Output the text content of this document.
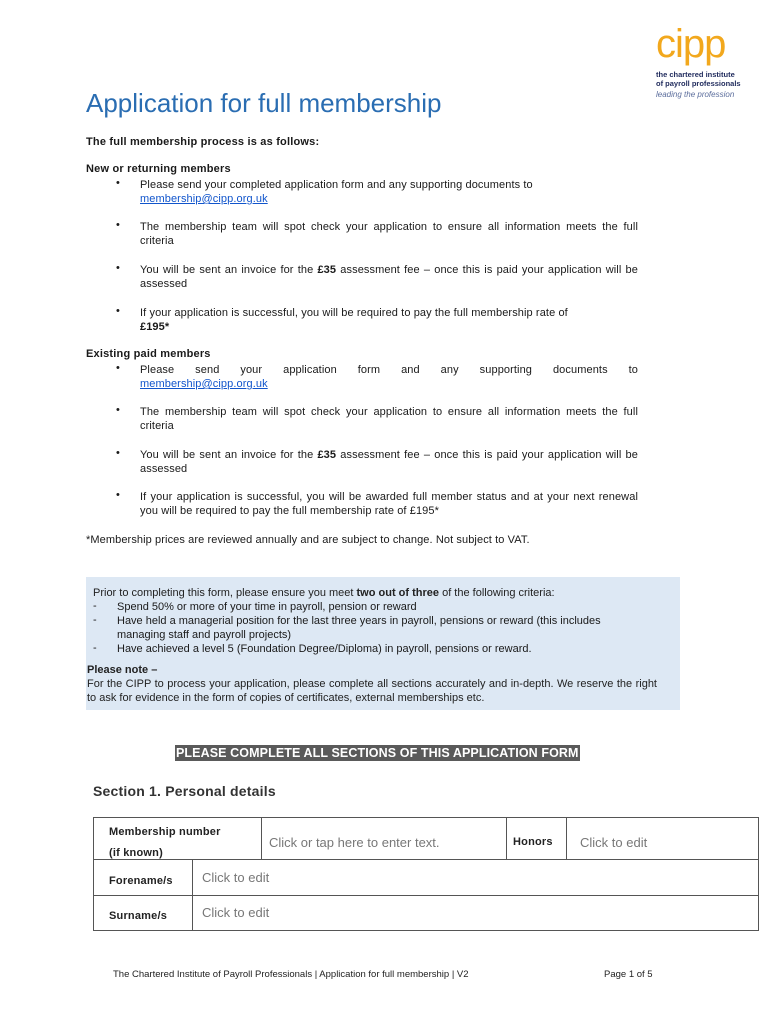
cipp
the chartered institute
of payroll professionals
leading the profession
Application for full membership
The full membership process is as follows:
New or returning members
•	Please send your completed application form and any supporting documents to
membership@cipp.org.uk
•	The membership team will spot check your application to ensure all information meets the full criteria
•	You will be sent an invoice for the £35 assessment fee – once this is paid your application will be assessed
•	If your application is successful, you will be required to pay the full membership rate of
£195*
Existing paid members
•	Please send your application form and any supporting documents to
membership@cipp.org.uk
•	The membership team will spot check your application to ensure all information meets the full criteria
•	You will be sent an invoice for the £35 assessment fee – once this is paid your application will be assessed
•	If your application is successful, you will be awarded full member status and at your next renewal you will be required to pay the full membership rate of £195*
*Membership prices are reviewed annually and are subject to change. Not subject to VAT.
Prior to completing this form, please ensure you meet two out of three of the following criteria:
- Spend 50% or more of your time in payroll, pension or reward
- Have held a managerial position for the last three years in payroll, pensions or reward (this includes managing staff and payroll projects)
- Have achieved a level 5 (Foundation Degree/Diploma) in payroll, pensions or reward.
Please note –
For the CIPP to process your application, please complete all sections accurately and in-depth. We reserve the right to ask for evidence in the form of copies of certificates, external memberships etc.
PLEASE COMPLETE ALL SECTIONS OF THIS APPLICATION FORM
Section 1. Personal details
Membership number
(if known)
Click or tap here to enter text.	Honors Click to edit
Forename/s Click to edit
Surname/s	Click to edit
The Chartered Institute of Payroll Professionals | Application for full membership | V2	Page 1 of 5
